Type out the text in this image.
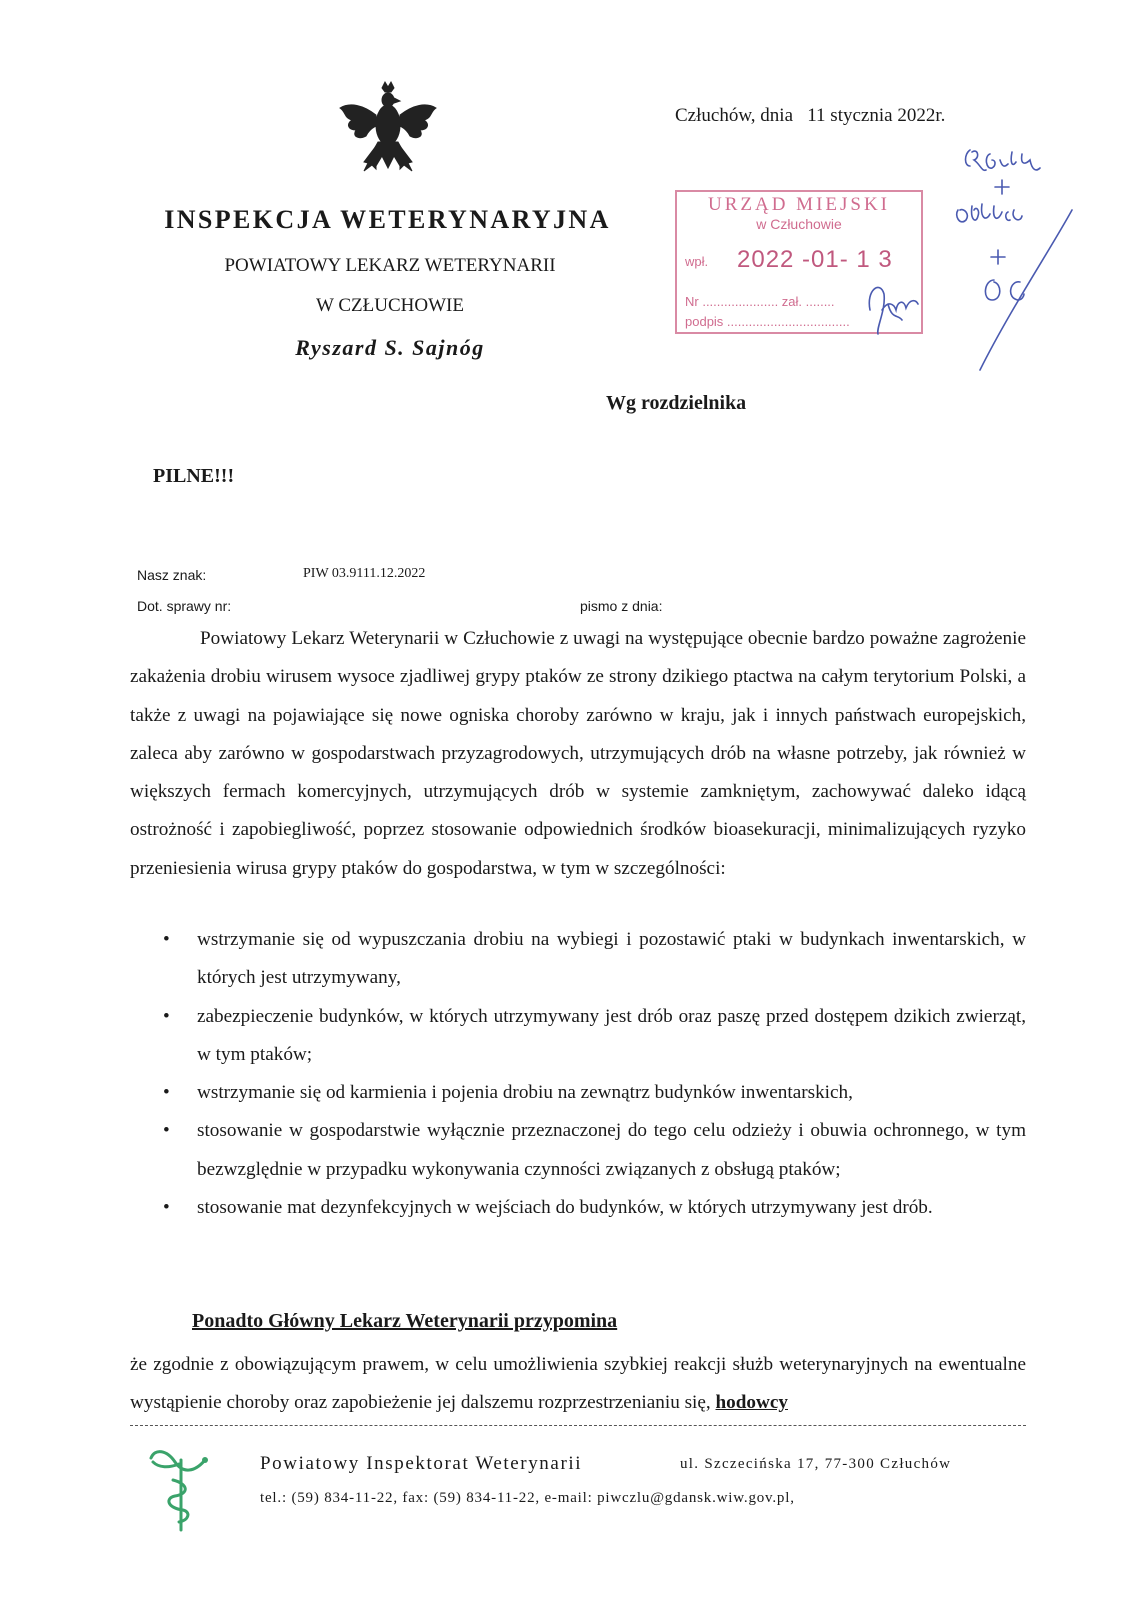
INSPEKCJA WETERYNARYJNA
POWIATOWY LEKARZ WETERYNARII
W CZŁUCHOWIE
Ryszard S. Sajnóg
Człuchów, dnia   11 stycznia 2022r.
URZĄD MIEJSKI
w Człuchowie
wpł. 2022 -01- 1 3
Nr ..................... zał. ........
podpis ..................................
Wg rozdzielnika
PILNE!!!
Nasz znak:	PIW 03.9111.12.2022
Dot. sprawy nr:	pismo z dnia:
Powiatowy Lekarz Weterynarii w Człuchowie z uwagi na występujące obecnie bardzo poważne zagrożenie zakażenia drobiu wirusem wysoce zjadliwej grypy ptaków ze strony dzikiego ptactwa na całym terytorium Polski, a także z uwagi na pojawiające się nowe ogniska choroby zarówno w kraju, jak i innych państwach europejskich, zaleca aby zarówno w gospodarstwach przyzagrodowych, utrzymujących drób na własne potrzeby, jak również w większych fermach komercyjnych, utrzymujących drób w systemie zamkniętym, zachowywać daleko idącą ostrożność i zapobiegliwość, poprzez stosowanie odpowiednich środków bioasekuracji, minimalizujących ryzyko przeniesienia wirusa grypy ptaków do gospodarstwa, w tym w szczególności:
• wstrzymanie się od wypuszczania drobiu na wybiegi i pozostawić ptaki w budynkach inwentarskich, w których jest utrzymywany,
• zabezpieczenie budynków, w których utrzymywany jest drób oraz paszę przed dostępem dzikich zwierząt, w tym ptaków;
• wstrzymanie się od karmienia i pojenia drobiu na zewnątrz budynków inwentarskich,
• stosowanie w gospodarstwie wyłącznie przeznaczonej do tego celu odzieży i obuwia ochronnego, w tym bezwzględnie w przypadku wykonywania czynności związanych z obsługą ptaków;
• stosowanie mat dezynfekcyjnych w wejściach do budynków, w których utrzymywany jest drób.
Ponadto Główny Lekarz Weterynarii przypomina
że zgodnie z obowiązującym prawem, w celu umożliwienia szybkiej reakcji służb weterynaryjnych na ewentualne wystąpienie choroby oraz zapobieżenie jej dalszemu rozprzestrzenianiu się, hodowcy
Powiatowy Inspektorat Weterynarii	ul. Szczecińska 17, 77-300 Człuchów
tel.: (59) 834-11-22, fax: (59) 834-11-22, e-mail: piwczlu@gdansk.wiw.gov.pl,
